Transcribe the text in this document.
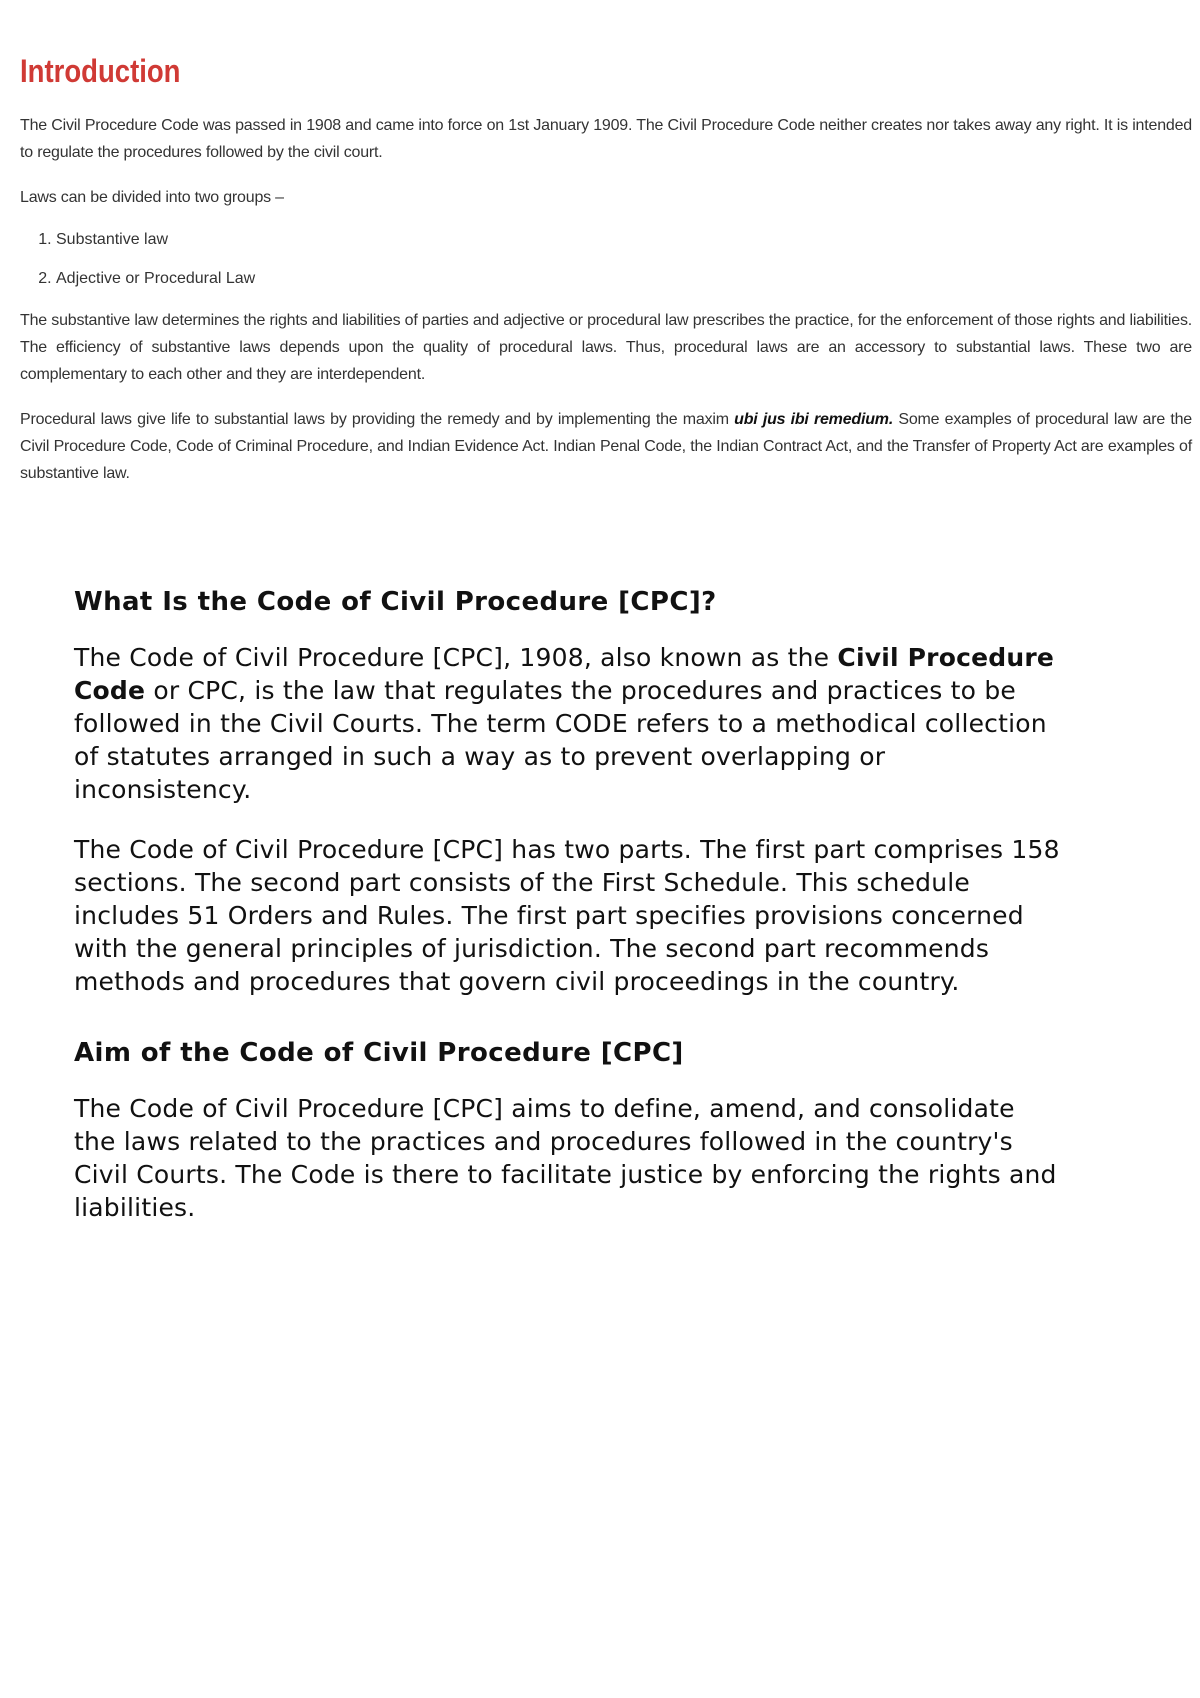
Introduction

The Civil Procedure Code was passed in 1908 and came into force on 1st January 1909. The Civil Procedure Code neither creates nor takes away any right. It is intended to regulate the procedures followed by the civil court.

Laws can be divided into two groups –

1. Substantive law
2. Adjective or Procedural Law

The substantive law determines the rights and liabilities of parties and adjective or procedural law prescribes the practice, for the enforcement of those rights and liabilities. The efficiency of substantive laws depends upon the quality of procedural laws. Thus, procedural laws are an accessory to substantial laws. These two are complementary to each other and they are interdependent.

Procedural laws give life to substantial laws by providing the remedy and by implementing the maxim ubi jus ibi remedium. Some examples of procedural law are the Civil Procedure Code, Code of Criminal Procedure, and Indian Evidence Act. Indian Penal Code, the Indian Contract Act, and the Transfer of Property Act are examples of substantive law.

What Is the Code of Civil Procedure [CPC]?

The Code of Civil Procedure [CPC], 1908, also known as the Civil Procedure Code or CPC, is the law that regulates the procedures and practices to be followed in the Civil Courts. The term CODE refers to a methodical collection of statutes arranged in such a way as to prevent overlapping or inconsistency.

The Code of Civil Procedure [CPC] has two parts. The first part comprises 158 sections. The second part consists of the First Schedule. This schedule includes 51 Orders and Rules. The first part specifies provisions concerned with the general principles of jurisdiction. The second part recommends methods and procedures that govern civil proceedings in the country.

Aim of the Code of Civil Procedure [CPC]

The Code of Civil Procedure [CPC] aims to define, amend, and consolidate the laws related to the practices and procedures followed in the country's Civil Courts. The Code is there to facilitate justice by enforcing the rights and liabilities.
